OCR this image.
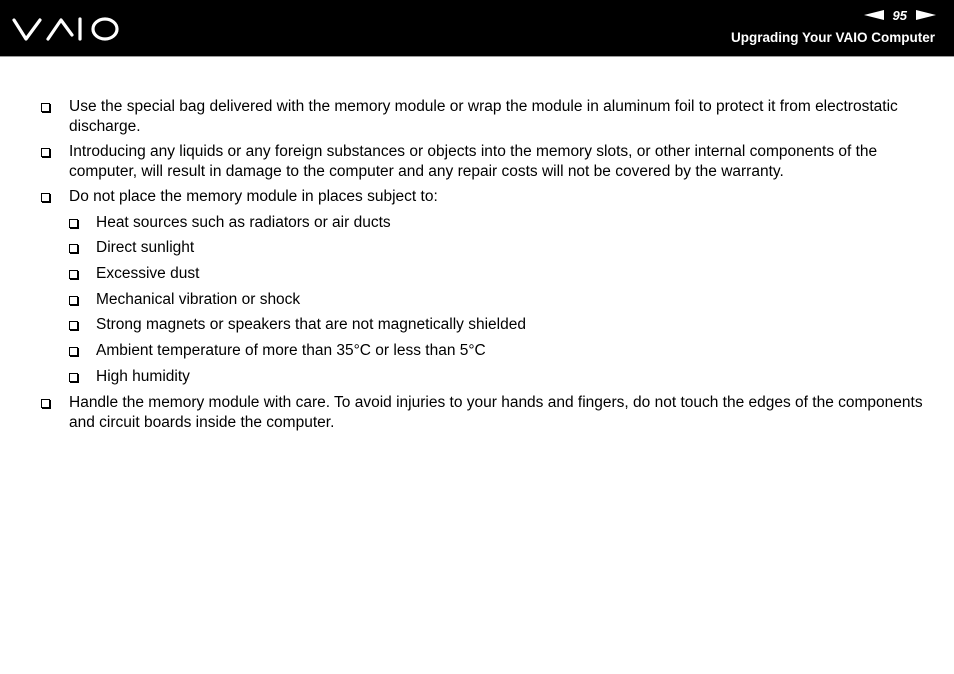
95
Upgrading Your VAIO Computer
Use the special bag delivered with the memory module or wrap the module in aluminum foil to protect it from electrostatic discharge.
Introducing any liquids or any foreign substances or objects into the memory slots, or other internal components of the computer, will result in damage to the computer and any repair costs will not be covered by the warranty.
Do not place the memory module in places subject to:
Heat sources such as radiators or air ducts
Direct sunlight
Excessive dust
Mechanical vibration or shock
Strong magnets or speakers that are not magnetically shielded
Ambient temperature of more than 35°C or less than 5°C
High humidity
Handle the memory module with care. To avoid injuries to your hands and fingers, do not touch the edges of the components and circuit boards inside the computer.
